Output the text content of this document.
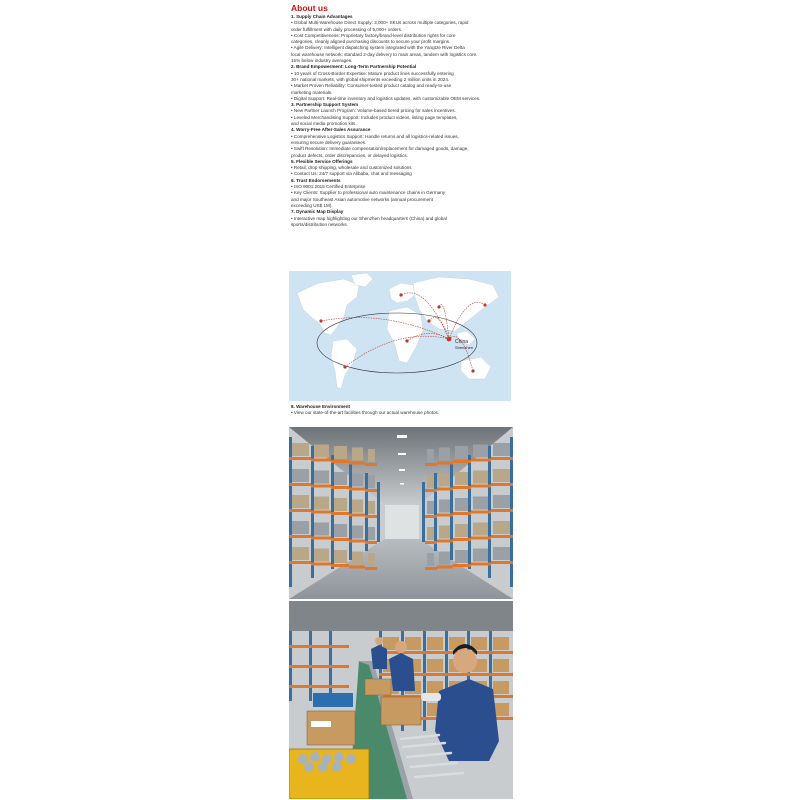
About us
1. Supply Chain Advantages
• Global Multi-Warehouse Direct Supply: 3,000+ SKUs across multiple categories, rapid
order fulfillment with daily processing of 5,000+ orders.
• Cost Competitiveness: Proprietary factory/brand-level distribution rights for core
categories, cleanly aligned purchasing discounts to secure your profit margins.
• Agile Delivery: Intelligent dispatching system integrated with the Yangtze River Delta
local warehouse network; standard 2-day delivery to main areas, tandem with logistics core.
15% below industry averages.
2. Brand Empowerment: Long-Term Partnership Potential
• 10 years of Cross-Border Expertise: Mature product lines successfully entering
30+ national markets, with global shipments exceeding 2 million units in 2024.
• Market Proven Reliability: Consumer-tested product catalog and ready-to-use
marketing materials.
• Digital Support: Real-time inventory and logistics updates, with customizable OEM services.
3. Partnership Support System
• New Partner Launch Program: Volume-based tiered pricing for sales incentives.
• Leveled Merchandising Support: Includes product videos, listing page templates,
and social media promotion kits.
4. Worry-Free After-Sales Assurance
• Comprehensive Logistics Support: Handle returns and all logistics-related issues,
ensuring secure delivery guarantees.
• Swift Resolution: Immediate compensation/replacement for damaged goods, damage,
product defects, order discrepancies, or delayed logistics.
5. Flexible Service Offerings
• Retail, drop shipping, wholesale and customized solutions
• Contact Us: 24/7 support via Alibaba, chat and messaging
6. Trust Endorsements
• ISO 9001:2015 Certified Enterprise
• Key Clients: Supplier to professional auto maintenance chains in Germany
and major Southeast Asian automotive networks (annual procurement
exceeding US$ 1M).
7. Dynamic Map Display
• Interactive map highlighting our Shenzhen headquarters (China) and global
sports/distribution networks.
China
Shenzhen
8. Warehouse Environment
• View our state-of-the-art facilities through our actual warehouse photos.
